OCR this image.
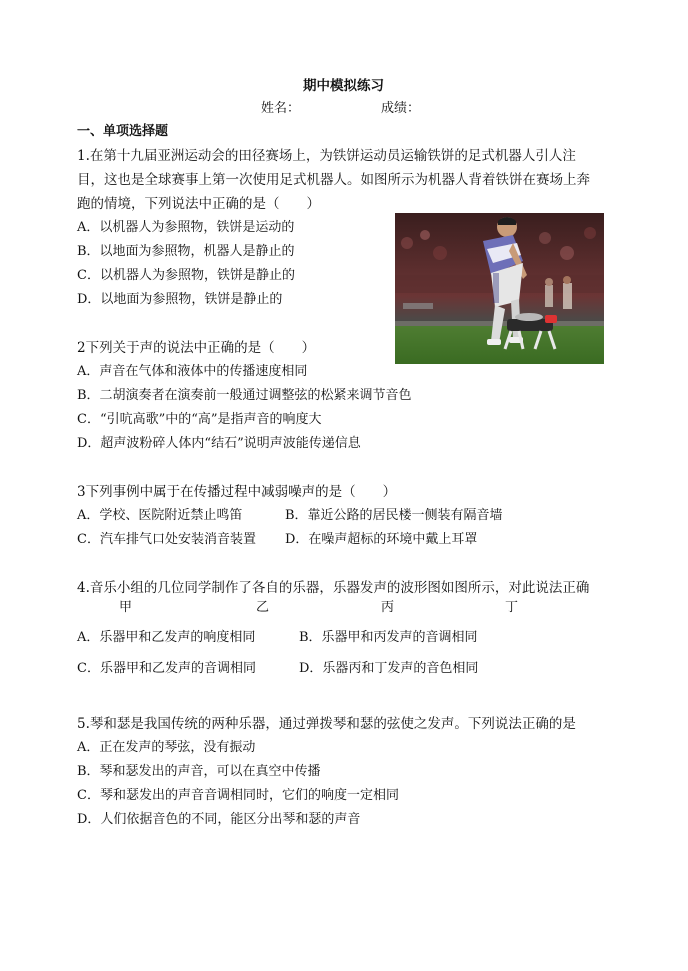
期中模拟练习
姓名：	成绩：
一、单项选择题
1.在第十九届亚洲运动会的田径赛场上，为铁饼运动员运输铁饼的足式机器人引人注
目，这也是全球赛事上第一次使用足式机器人。如图所示为机器人背着铁饼在赛场上奔
跑的情境，下列说法中正确的是（　　）
A．以机器人为参照物，铁饼是运动的
B．以地面为参照物，机器人是静止的
C．以机器人为参照物，铁饼是静止的
D．以地面为参照物，铁饼是静止的
2下列关于声的说法中正确的是（　　）
A．声音在气体和液体中的传播速度相同
B．二胡演奏者在演奏前一般通过调整弦的松紧来调节音色
C．“引吭高歌”中的“高”是指声音的响度大
D．超声波粉碎人体内“结石”说明声波能传递信息
3下列事例中属于在传播过程中减弱噪声的是（　　）
A．学校、医院附近禁止鸣笛	B．靠近公路的居民楼一侧装有隔音墙
C．汽车排气口处安装消音装置 D．在噪声超标的环境中戴上耳罩
4.音乐小组的几位同学制作了各自的乐器，乐器发声的波形图如图所示，对此说法正确
甲	乙	丙	丁
A．乐器甲和乙发声的响度相同	B．乐器甲和丙发声的音调相同
C．乐器甲和乙发声的音调相同	D．乐器丙和丁发声的音色相同
5.琴和瑟是我国传统的两种乐器，通过弹拨琴和瑟的弦使之发声。下列说法正确的是
A．正在发声的琴弦，没有振动
B．琴和瑟发出的声音，可以在真空中传播
C．琴和瑟发出的声音音调相同时，它们的响度一定相同
D．人们依据音色的不同，能区分出琴和瑟的声音
